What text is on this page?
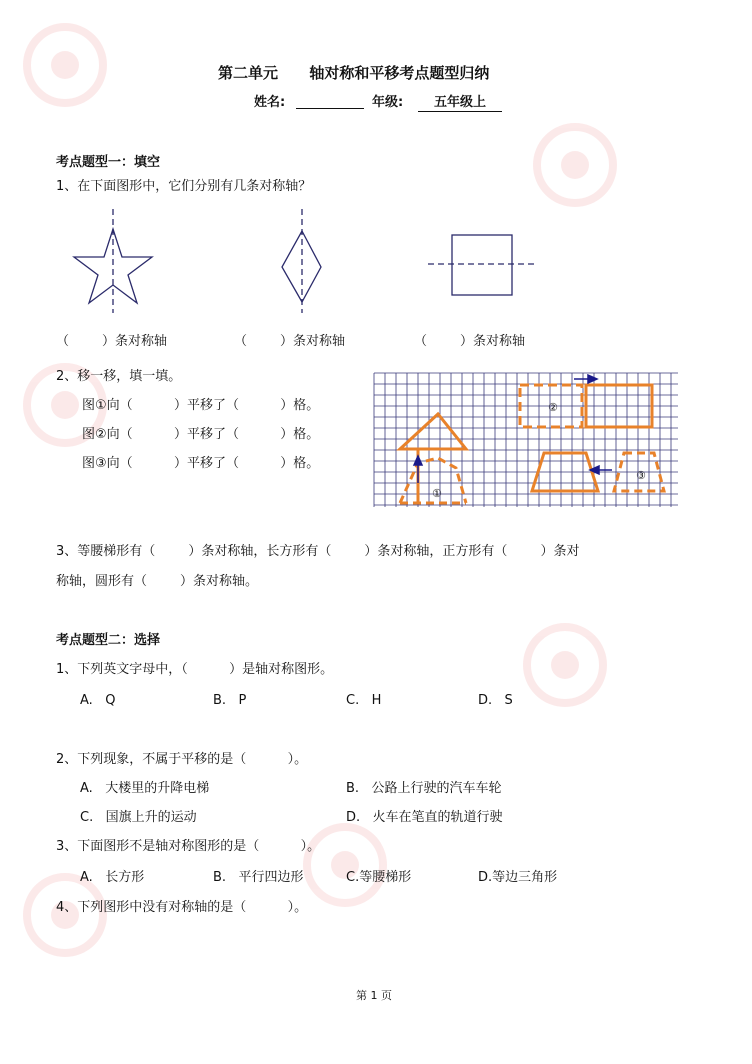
第二单元      轴对称和平移考点题型归纳
姓名:	年级:	五年级上
考点题型一：填空
1、在下面图形中，它们分别有几条对称轴？
（        ）条对称轴	（        ）条对称轴	（        ）条对称轴
2、移一移，填一填。
图①向（          ）平移了（          ）格。
图②向（          ）平移了（          ）格。
图③向（          ）平移了（          ）格。
①
②
③
3、等腰梯形有（        ）条对称轴，长方形有（        ）条对称轴，正方形有（        ）条对
称轴，圆形有（        ）条对称轴。
考点题型二：选择
1、下列英文字母中，（          ）是轴对称图形。
A.   Q	B.   P	C.   H	D.   S
2、下列现象，不属于平移的是（          ）。
A.   大楼里的升降电梯	B.   公路上行驶的汽车车轮
C.   国旗上升的运动	D.   火车在笔直的轨道行驶
3、下面图形不是轴对称图形的是（          ）。
A.   长方形	B.   平行四边形	C.等腰梯形	D.等边三角形
4、下列图形中没有对称轴的是（          ）。
第 1 页
